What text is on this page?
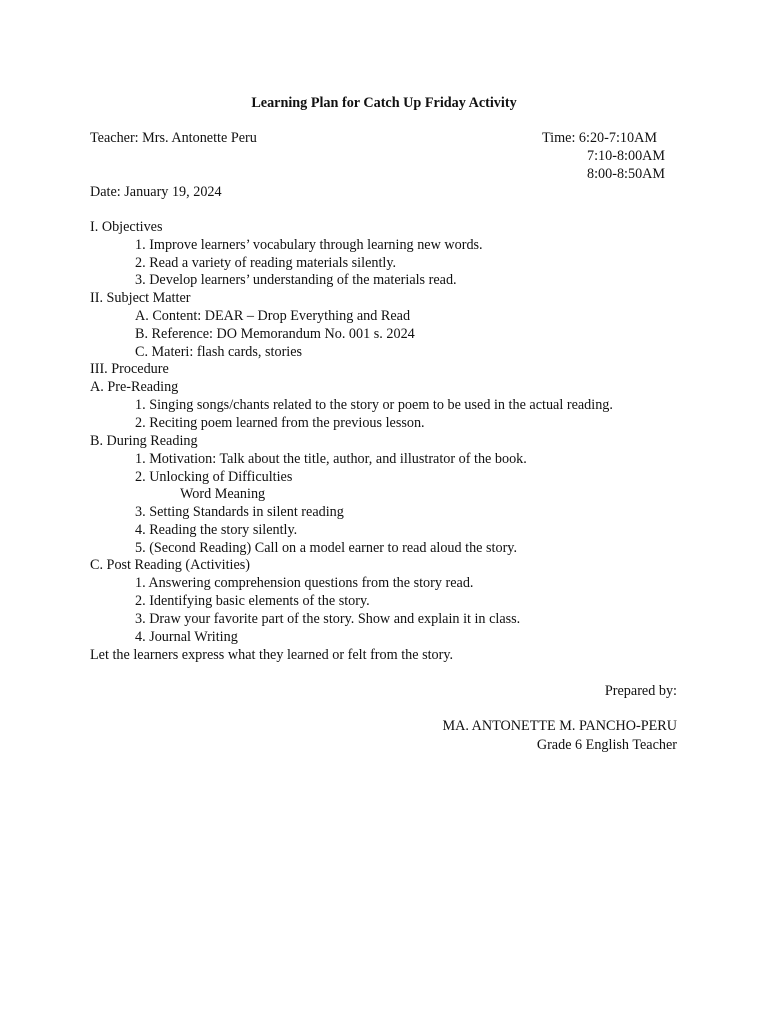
Learning Plan for Catch Up Friday Activity
Teacher: Mrs. Antonette Peru	Time: 6:20-7:10AM
7:10-8:00AM
8:00-8:50AM
Date: January 19, 2024
I. Objectives
1. Improve learners’ vocabulary through learning new words.
2. Read a variety of reading materials silently.
3. Develop learners’ understanding of the materials read.
II. Subject Matter
A. Content: DEAR – Drop Everything and Read
B. Reference: DO Memorandum No. 001 s. 2024
C. Materi: flash cards, stories
III. Procedure
A. Pre-Reading
1. Singing songs/chants related to the story or poem to be used in the actual reading.
2. Reciting poem learned from the previous lesson.
B. During Reading
1. Motivation: Talk about the title, author, and illustrator of the book.
2. Unlocking of Difficulties
Word Meaning
3. Setting Standards in silent reading
4. Reading the story silently.
5. (Second Reading) Call on a model earner to read aloud the story.
C. Post Reading (Activities)
1. Answering comprehension questions from the story read.
2. Identifying basic elements of the story.
3. Draw your favorite part of the story. Show and explain it in class.
4. Journal Writing
Let the learners express what they learned or felt from the story.
Prepared by:
MA. ANTONETTE M. PANCHO-PERU
Grade 6 English Teacher
